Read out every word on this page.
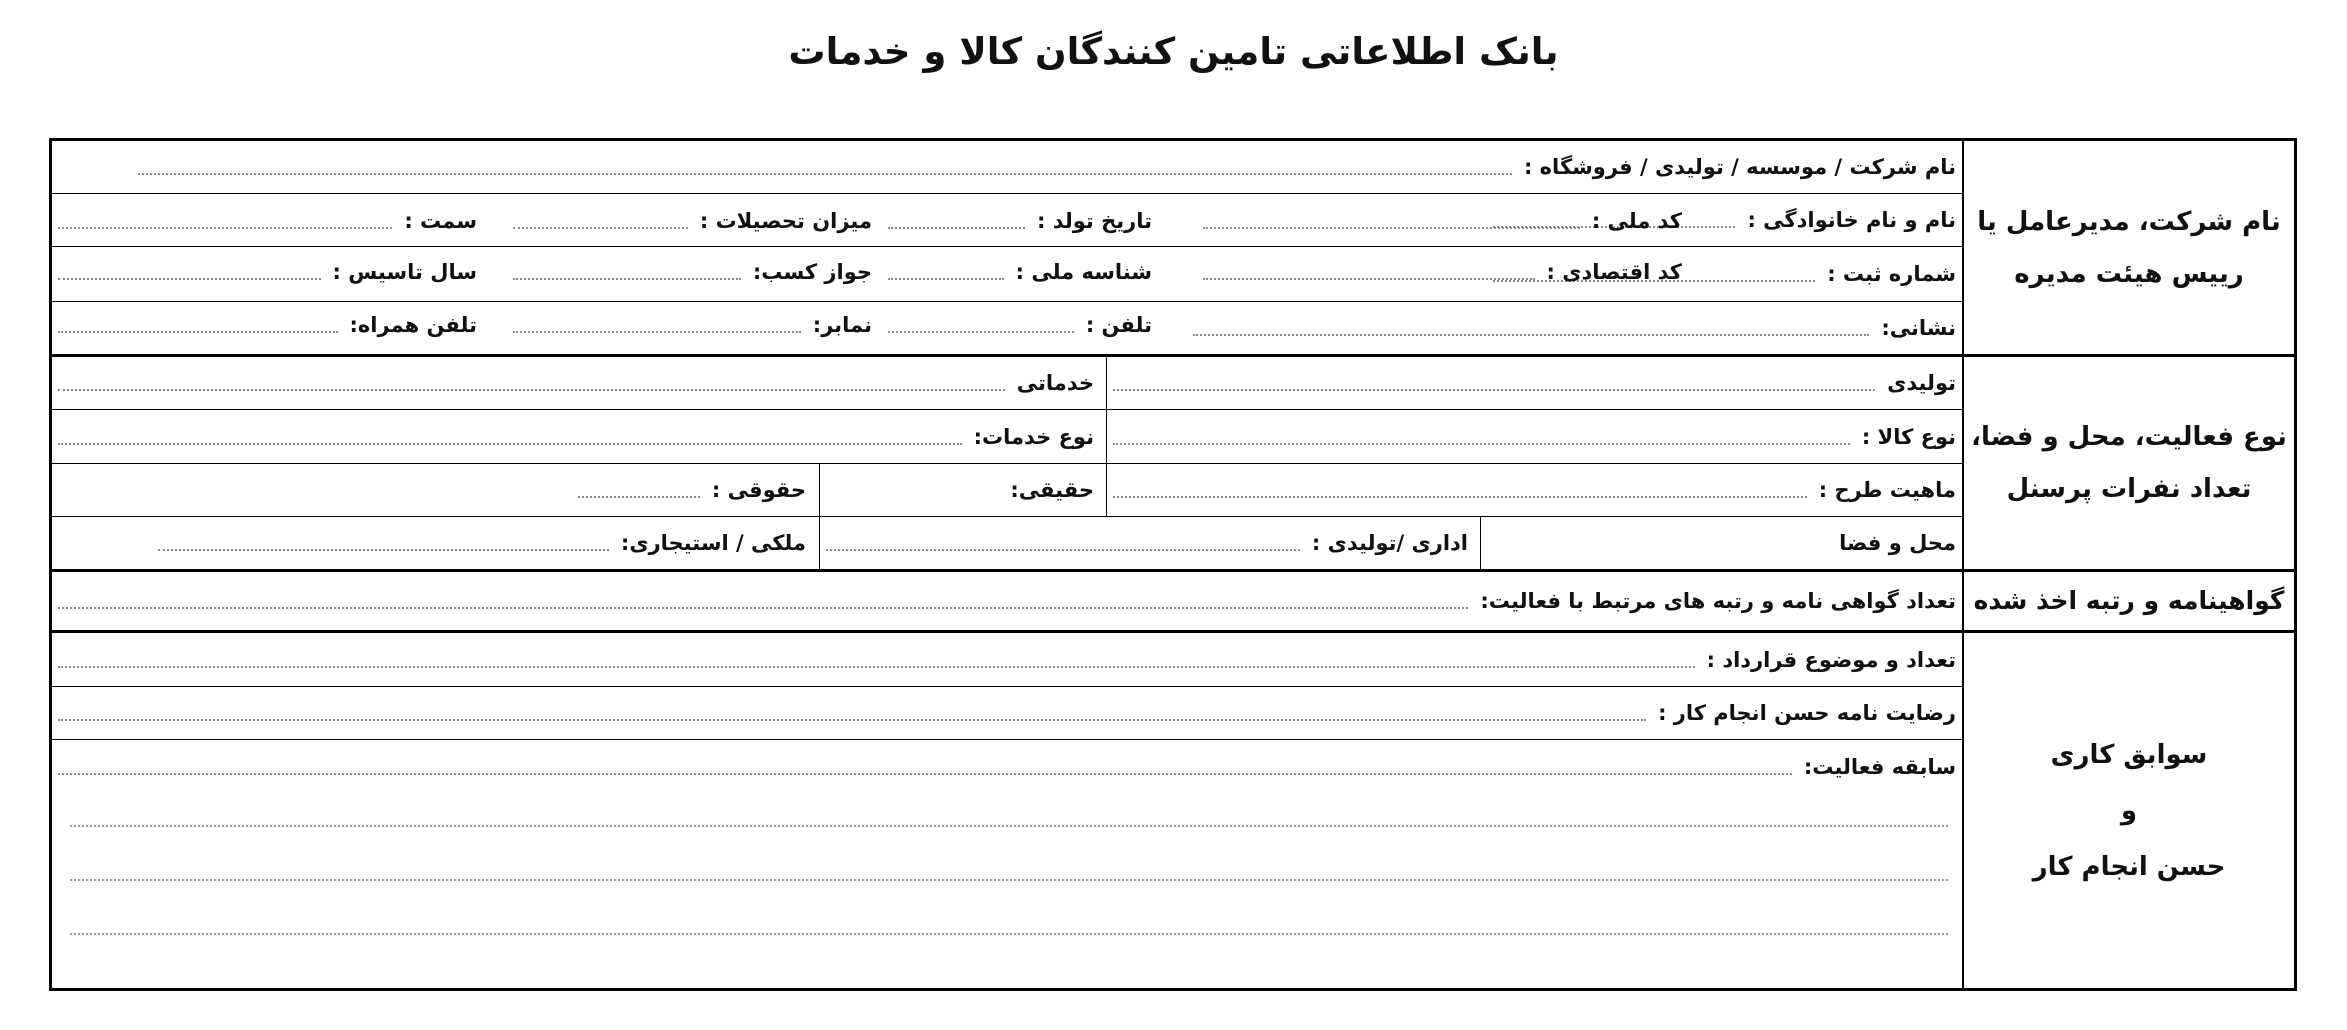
بانک اطلاعاتی تامین کنندگان کالا و خدمات
نام شرکت، مدیرعامل یا
رییس هیئت مدیره
نام شرکت / موسسه / تولیدی / فروشگاه :
نام و نام خانوادگی :
شماره ثبت :
نشانی:
کد ملی :
تاریخ تولد :
میزان تحصیلات :
سمت :
نوع فعالیت، محل و فضا،
تعداد نفرات پرسنل
تولیدی
خدماتی
نوع کالا :
نوع خدمات:
ماهیت طرح :
حقیقی:
حقوقی :
محل و فضا
اداری /تولیدی :
ملکی / استیجاری:
گواهینامه و رتبه اخذ شده
تعداد گواهی نامه و رتبه های مرتبط با فعالیت:
سوابق کاری
و
حسن انجام کار
تعداد و موضوع قرارداد :
رضایت نامه حسن انجام کار :
سابقه فعالیت:
کد اقتصادی :
شناسه ملی :
جواز کسب:
سال تاسیس :
تلفن :
نمابر:
تلفن همراه:
